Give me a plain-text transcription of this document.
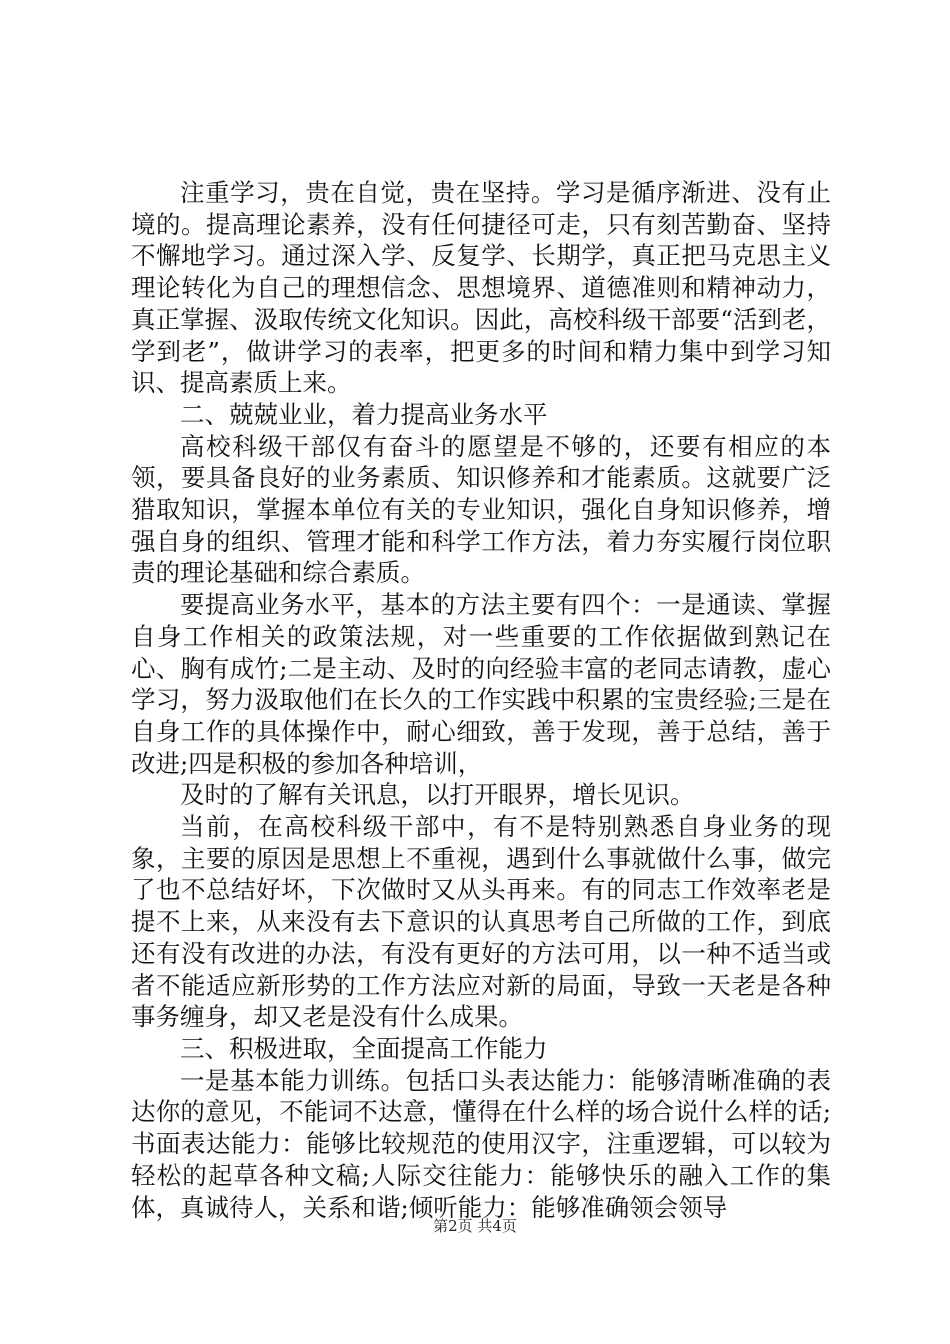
注重学习，贵在自觉，贵在坚持。学习是循序渐进、没有止境的。提高理论素养，没有任何捷径可走，只有刻苦勤奋、坚持不懈地学习。通过深入学、反复学、长期学，真正把马克思主义理论转化为自己的理想信念、思想境界、道德准则和精神动力，真正掌握、汲取传统文化知识。因此，高校科级干部要“活到老，学到老”，做讲学习的表率，把更多的时间和精力集中到学习知识、提高素质上来。

二、兢兢业业，着力提高业务水平

高校科级干部仅有奋斗的愿望是不够的，还要有相应的本领，要具备良好的业务素质、知识修养和才能素质。这就要广泛猎取知识，掌握本单位有关的专业知识，强化自身知识修养，增强自身的组织、管理才能和科学工作方法，着力夯实履行岗位职责的理论基础和综合素质。

要提高业务水平，基本的方法主要有四个：一是通读、掌握自身工作相关的政策法规，对一些重要的工作依据做到熟记在心、胸有成竹;二是主动、及时的向经验丰富的老同志请教，虚心学习，努力汲取他们在长久的工作实践中积累的宝贵经验;三是在自身工作的具体操作中，耐心细致，善于发现，善于总结，善于改进;四是积极的参加各种培训，

及时的了解有关讯息，以打开眼界，增长见识。

当前，在高校科级干部中，有不是特别熟悉自身业务的现象，主要的原因是思想上不重视，遇到什么事就做什么事，做完了也不总结好坏，下次做时又从头再来。有的同志工作效率老是提不上来，从来没有去下意识的认真思考自己所做的工作，到底还有没有改进的办法，有没有更好的方法可用，以一种不适当或者不能适应新形势的工作方法应对新的局面，导致一天老是各种事务缠身，却又老是没有什么成果。

三、积极进取，全面提高工作能力

一是基本能力训练。包括口头表达能力：能够清晰准确的表达你的意见，不能词不达意，懂得在什么样的场合说什么样的话;书面表达能力：能够比较规范的使用汉字，注重逻辑，可以较为轻松的起草各种文稿;人际交往能力：能够快乐的融入工作的集体，真诚待人，关系和谐;倾听能力：能够准确领会领导

第2页 共4页
